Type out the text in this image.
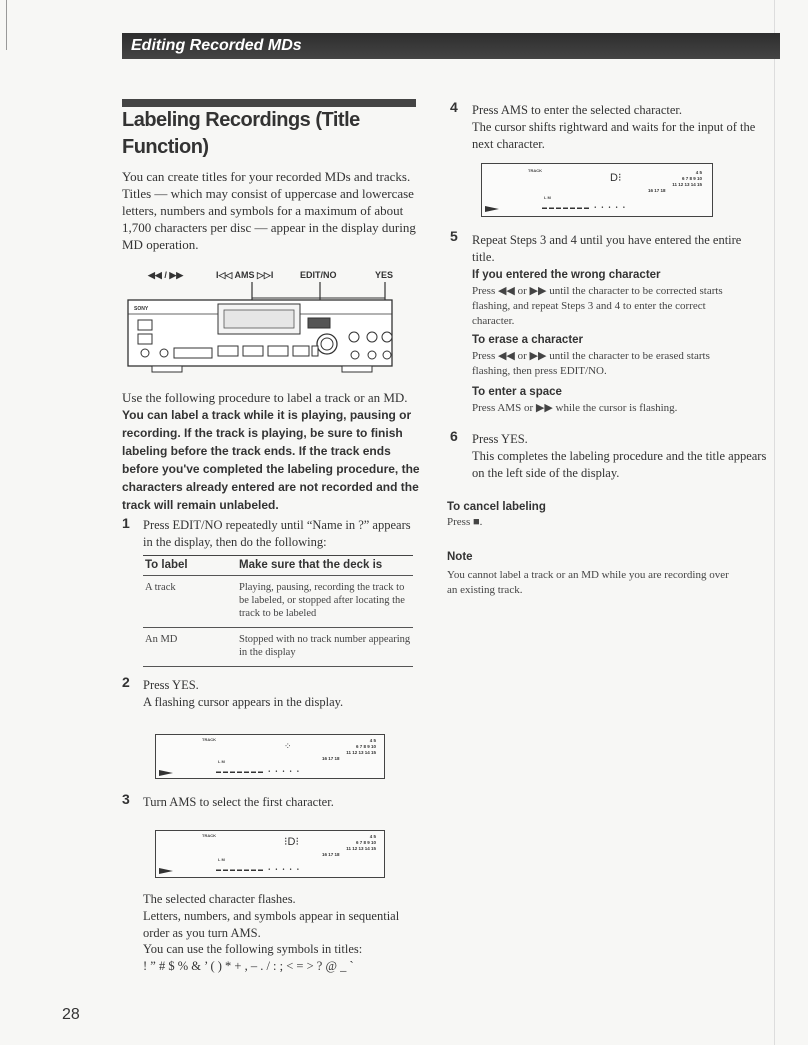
Editing Recorded MDs
Labeling Recordings (Title Function)

You can create titles for your recorded MDs and tracks. Titles — which may consist of uppercase and lowercase letters, numbers and symbols for a maximum of about 1,700 characters per disc — appear in the display during MD operation.

◀◀ / ▶▶	I◁◁ AMS ▷▷I	EDIT/NO	YES
SONY

Use the following procedure to label a track or an MD. You can label a track while it is playing, pausing or recording. If the track is playing, be sure to finish labeling before the track ends. If the track ends before you've completed the labeling procedure, the characters already entered are not recorded and the track will remain unlabeled.

1 Press EDIT/NO repeatedly until “Name in ?” appears in the display, then do the following:

To label	Make sure that the deck is
A track	Playing, pausing, recording the track to be labeled, or stopped after locating the track to be labeled
An MD	Stopped with no track number appearing in the display
2 Press YES.

A flashing cursor appears in the display.

TRACK
⁘
4 5
6 7 8 9 10
11 12 13 14 15
16 17 18
L M
▬▬▬▬▬▬▬ • • • • •
3 Turn AMS to select the first character.

TRACK
⁝D⁝	4 5
6 7 8 9 10
11 12 13 14 15
16 17 18
L M
▬▬▬▬▬▬▬ • • • • •

The selected character flashes.

Letters, numbers, and symbols appear in sequential order as you turn AMS.

You can use the following symbols in titles:

! ” # $ % & ’ ( ) * + , – . / : ; < = > ? @ _ `

4 Press AMS to enter the selected character.

The cursor shifts rightward and waits for the input of the next character.

TRACK
D⁝	4 5
6 7 8 9 10
11 12 13 14 15
16 17 18
L M
▬▬▬▬▬▬▬ • • • • •
5 Repeat Steps 3 and 4 until you have entered the entire title.

If you entered the wrong character

Press ◀◀ or ▶▶ until the character to be corrected starts flashing, and repeat Steps 3 and 4 to enter the correct character.

To erase a character

Press ◀◀ or ▶▶ until the character to be erased starts flashing, then press EDIT/NO.

To enter a space

Press AMS or ▶▶ while the cursor is flashing.

6 Press YES.

This completes the labeling procedure and the title appears on the left side of the display.

To cancel labeling

Press ■.

Note

You cannot label a track or an MD while you are recording over an existing track.

28
